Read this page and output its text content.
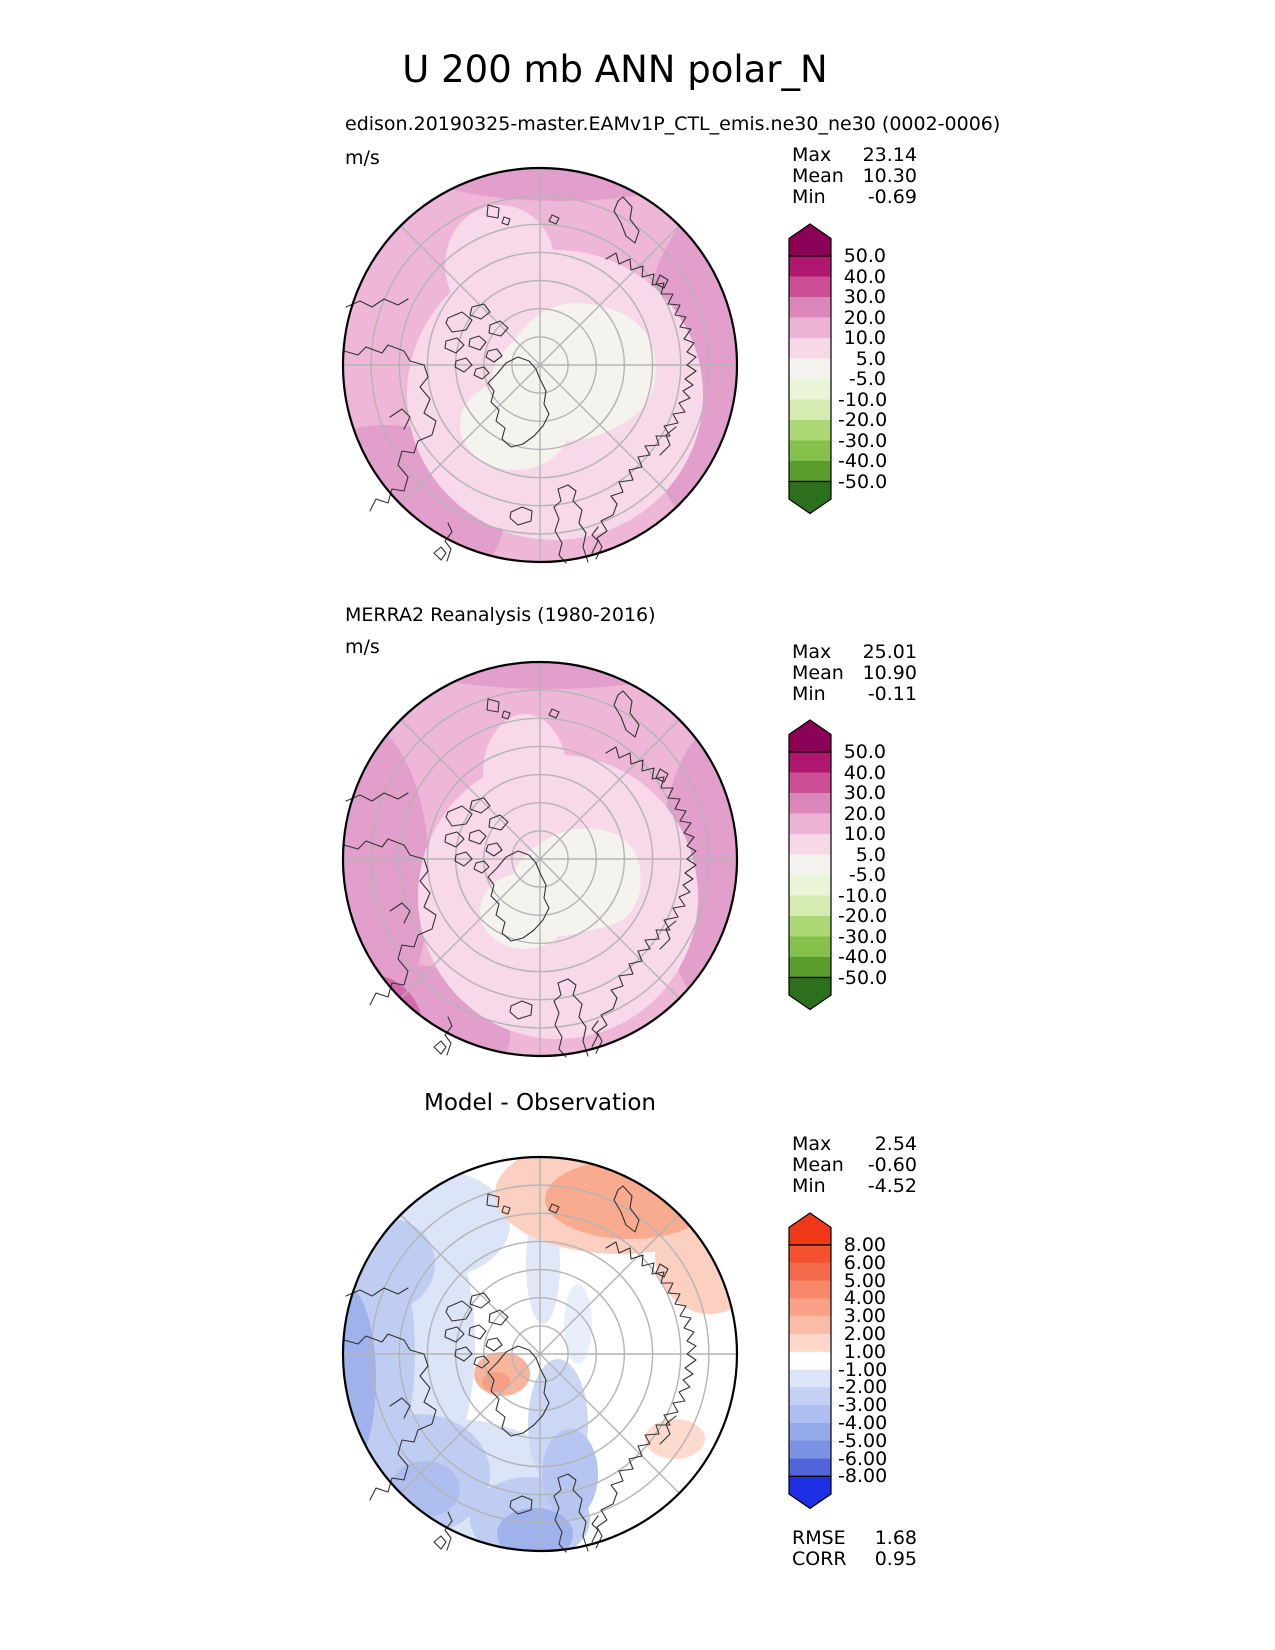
U 200 mb ANN polar_N
edison.20190325-master.EAMv1P_CTL_emis.ne30_ne30 (0002-0006)
m/s	Max 23.14
Mean 10.30
Min -0.69
50.0
40.0
30.0
20.0
10.0
5.0
-5.0
-10.0
-20.0
-30.0
-40.0
-50.0
MERRA2 Reanalysis (1980-2016)
m/s	Max 25.01
Mean 10.90
Min -0.11
50.0
40.0
30.0
20.0
10.0
5.0
-5.0
-10.0
-20.0
-30.0
-40.0
-50.0
Model - Observation
Max 2.54
Mean -0.60
Min -4.52
8.00
6.00
5.00
4.00
3.00
2.00
1.00
-1.00
-2.00
-3.00
-4.00
-5.00
-6.00
-8.00
RMSE 1.68
CORR 0.95
